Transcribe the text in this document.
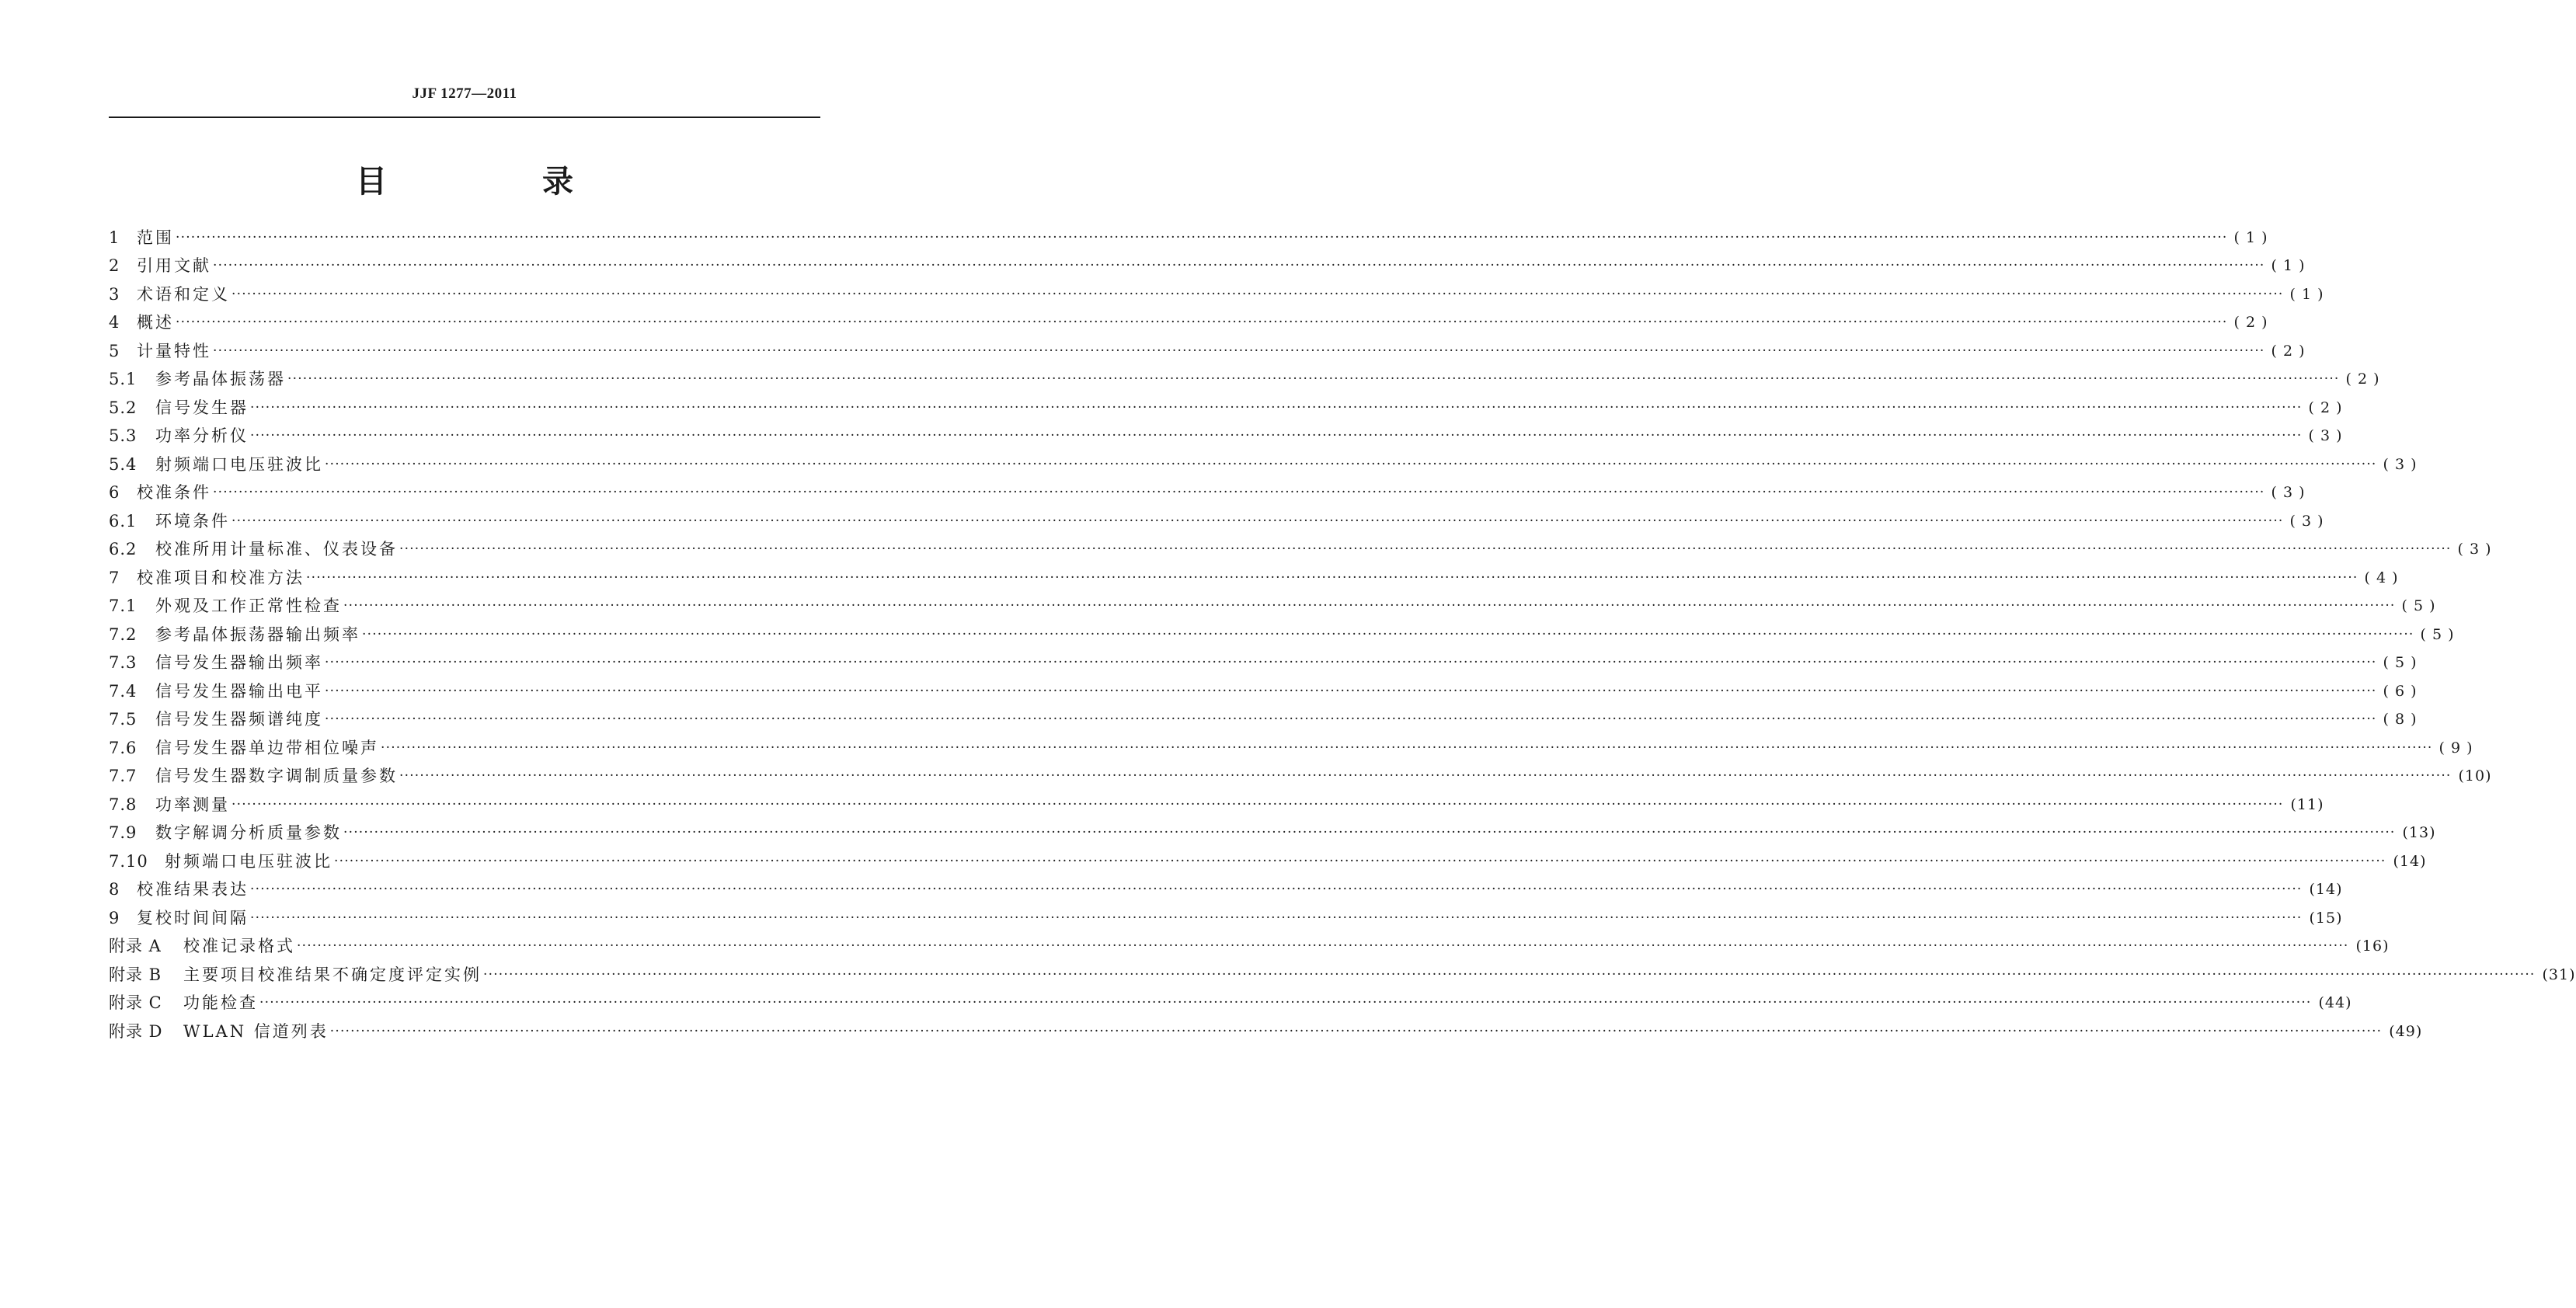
JJF 1277—2011
目　录
1	范围 ················································································································································································································································································································································································································ ( 1 )
2	引用文献 ················································································································································································································································································································································································································ ( 1 )
3	术语和定义 ················································································································································································································································································································································································································ ( 1 )
4	概述 ················································································································································································································································································································································································································ ( 2 )
5	计量特性 ················································································································································································································································································································································································································ ( 2 )
5.1	参考晶体振荡器 ················································································································································································································································································································································································································ ( 2 )
5.2	信号发生器 ················································································································································································································································································································································································································ ( 2 )
5.3	功率分析仪 ················································································································································································································································································································································································································ ( 3 )
5.4	射频端口电压驻波比 ················································································································································································································································································································································································································ ( 3 )
6	校准条件 ················································································································································································································································································································································································································ ( 3 )
6.1	环境条件 ················································································································································································································································································································································································································ ( 3 )
6.2	校准所用计量标准、仪表设备 ················································································································································································································································································································································································································ ( 3 )
7	校准项目和校准方法 ················································································································································································································································································································································································································ ( 4 )
7.1	外观及工作正常性检查 ················································································································································································································································································································································································································ ( 5 )
7.2	参考晶体振荡器输出频率 ················································································································································································································································································································································································································ ( 5 )
7.3	信号发生器输出频率 ················································································································································································································································································································································································································ ( 5 )
7.4	信号发生器输出电平 ················································································································································································································································································································································································································ ( 6 )
7.5	信号发生器频谱纯度 ················································································································································································································································································································································································································ ( 8 )
7.6	信号发生器单边带相位噪声 ················································································································································································································································································································································································································ ( 9 )
7.7	信号发生器数字调制质量参数 ················································································································································································································································································································································································································ (10)
7.8	功率测量 ················································································································································································································································································································································································································ (11)
7.9	数字解调分析质量参数 ················································································································································································································································································································································································································ (13)
7.10	射频端口电压驻波比 ················································································································································································································································································································································································································ (14)
8	校准结果表达 ················································································································································································································································································································································································································ (14)
9	复校时间间隔 ················································································································································································································································································································································································································ (15)
附录 A	校准记录格式 ················································································································································································································································································································································································································ (16)
附录 B	主要项目校准结果不确定度评定实例 ················································································································································································································································································································································································································ (31)
附录 C	功能检查 ················································································································································································································································································································································································································ (44)
附录 D	WLAN 信道列表 ················································································································································································································································································································································································································ (49)
